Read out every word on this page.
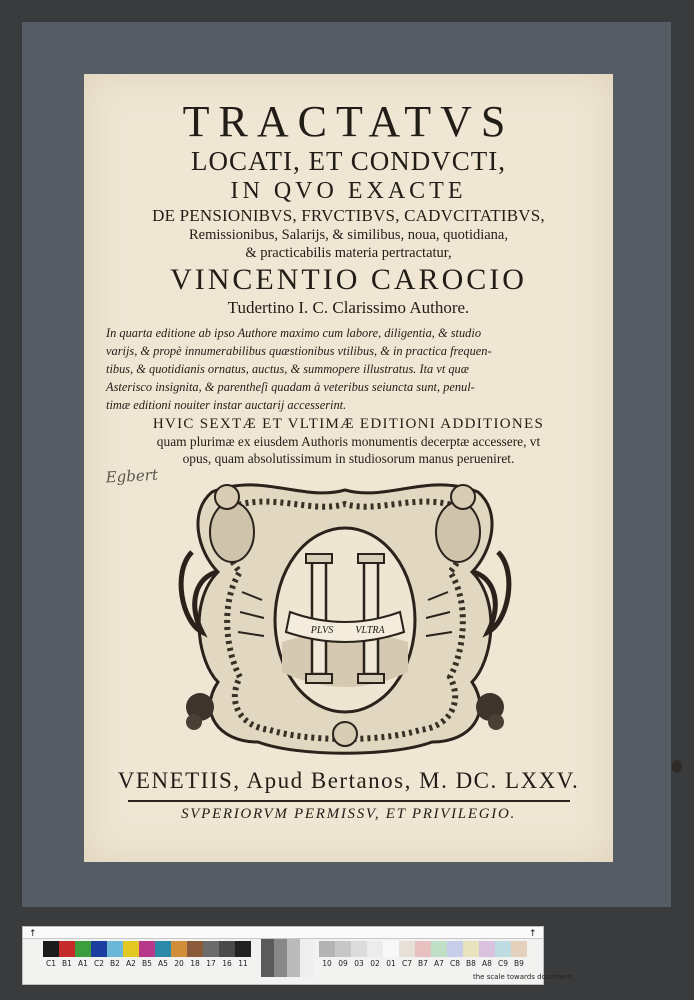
TRACTATVS
LOCATI, ET CONDVCTI,
IN QVO EXACTE
DE PENSIONIBVS, FRVCTIBVS, CADVCITATIBVS,
Remissionibus, Salarijs, & similibus, noua, quotidiana,
& practicabilis materia pertractatur,
VINCENTIO CAROCIO
Tudertino I. C. Clarissimo Authore.
In quarta editione ab ipso Authore maximo cum labore, diligentia, & studio
varijs, & propè innumerabilibus quæstionibus vtilibus, & in practica frequen-
tibus, & quotidianis ornatus, auctus, & summopere illustratus. Ita vt quæ
Asterisco insignita, & parentheſi quadam à veteribus seiuncta sunt, penul-
timæ editioni nouiter instar auctarij accesserint.
HVIC SEXTÆ ET VLTIMÆ EDITIONI ADDITIONES
quam plurimæ ex eiusdem Authoris monumentis decerptæ accessere, vt
opus, quam absolutissimum in studiosorum manus perueniret.
Egbert
PLVS VLTRA
VENETIIS, Apud Bertanos, M. DC. LXXV.
SVPERIORVM PERMISSV, ET PRIVILEGIO.
↑	↑
C1 B1 A1 C2 B2 A2 B5 A5 20 18 17 16 11	10 09 03 02 01 C7 B7 A7 C8 B8 A8 C9 B9
the scale towards document
